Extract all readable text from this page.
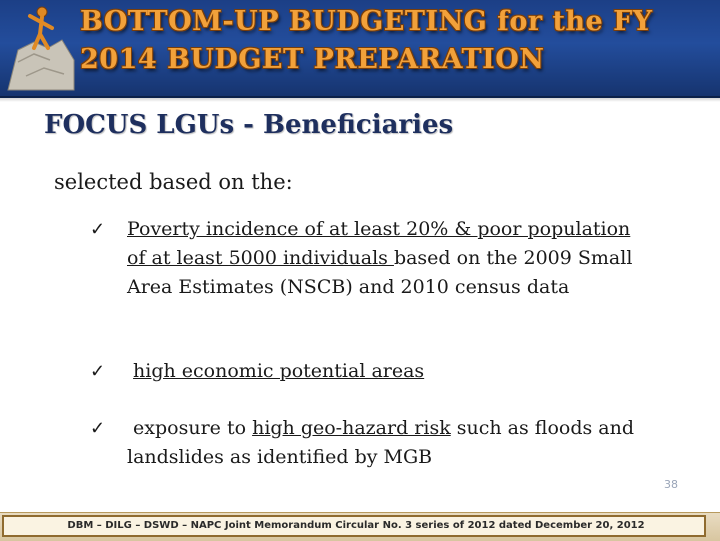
BOTTOM-UP BUDGETING for the FY
2014 BUDGET PREPARATION
FOCUS LGUs - Beneficiaries

selected based on the:

✓	Poverty incidence of at least 20% & poor population of at least 5000 individuals based on the 2009 Small Area Estimates (NSCB) and 2010 census data
✓	high economic potential areas
✓	exposure to high geo-hazard risk such as floods and landslides as identified by MGB
38
DBM – DILG – DSWD – NAPC Joint Memorandum Circular No. 3 series of 2012 dated December 20, 2012
